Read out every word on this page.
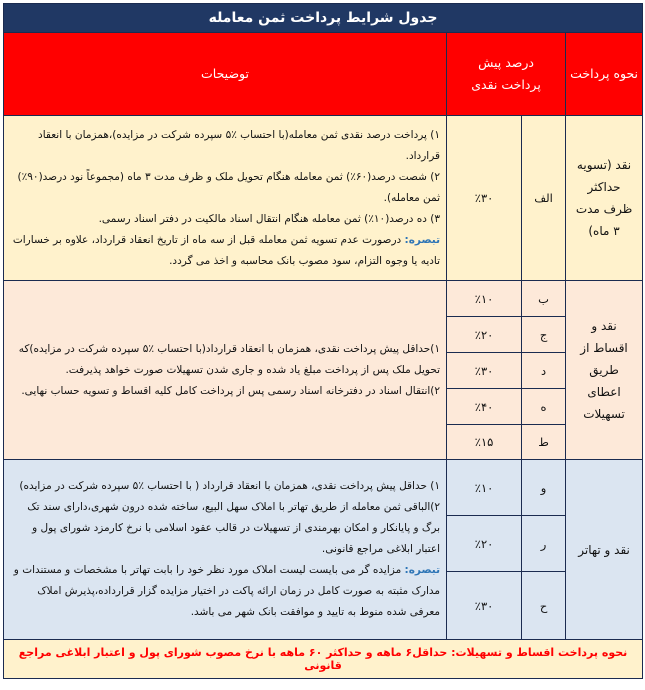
جدول شرایط پرداخت ثمن معامله			
نحوه پرداخت	درصد پیش پرداخت نقدی		توضیحات

نقد (تسویه حداکثر ظرف مدت ۳ ماه)	الف	٪۳۰	۱) پرداخت درصد نقدی ثمن معامله(با احتساب ٪۵ سپرده شرکت در مزایده)،همزمان با انعقاد قرارداد.

۲) شصت درصد(۶۰٪) ثمن معامله هنگام تحویل ملک و ظرف مدت ۳ ماه (مجموعاً نود درصد(۹۰٪) ثمن معامله).

۳) ده درصد(۱۰٪) ثمن معامله هنگام انتقال اسناد مالکیت در دفتر اسناد رسمی.

تبصره: درصورت عدم تسویه ثمن معامله قبل از سه ماه از تاریخ انعقاد قرارداد، علاوه بر خسارات تادیه یا وجوه التزام، سود مصوب بانک محاسبه و اخذ می گردد.

نقد و اقساط از طریق اعطای تسهیلات	ب	٪۱۰	۱)حداقل پیش پرداخت نقدی، همزمان با انعقاد قرارداد(با احتساب ٪۵ سپرده شرکت در مزایده)که تحویل ملک پس از پرداخت مبلغ یاد شده و جاری شدن تسهیلات صورت خواهد پذیرفت.

۲)انتقال اسناد در دفترخانه اسناد رسمی پس از پرداخت کامل کلیه اقساط و تسویه حساب نهایی.

	ج	٪۲۰	
	د	٪۳۰	
	ه	٪۴۰	
	ط	٪۱۵	

نقد و تهاتر	و	٪۱۰	۱) حداقل پیش پرداخت نقدی، همزمان با انعقاد قرارداد ( با احتساب ٪۵ سپرده شرکت در مزایده)

۲)الباقی ثمن معامله از طریق تهاتر با املاک سهل البیع، ساخته شده درون شهری،دارای سند تک برگ و پایانکار و امکان بهرمندی از تسهیلات در قالب عقود اسلامی با نرخ کارمزد شورای پول و اعتبار ابلاغی مراجع قانونی.

تبصره: مزایده گر می بایست لیست املاک مورد نظر خود را بابت تهاتر با مشخصات و مستندات و مدارک مثبته به صورت کامل در زمان ارائه پاکت در اختیار مزایده گزار قرارداده،پذیرش املاک معرفی شده منوط به تایید و موافقت بانک شهر می باشد.

	ر	٪۲۰	
	ح	٪۳۰	
نحوه پرداخت اقساط و تسهیلات: حداقل۶ ماهه و حداکثر ۶۰ ماهه با نرخ مصوب شورای پول و اعتبار ابلاغی مراجع قانونی			
